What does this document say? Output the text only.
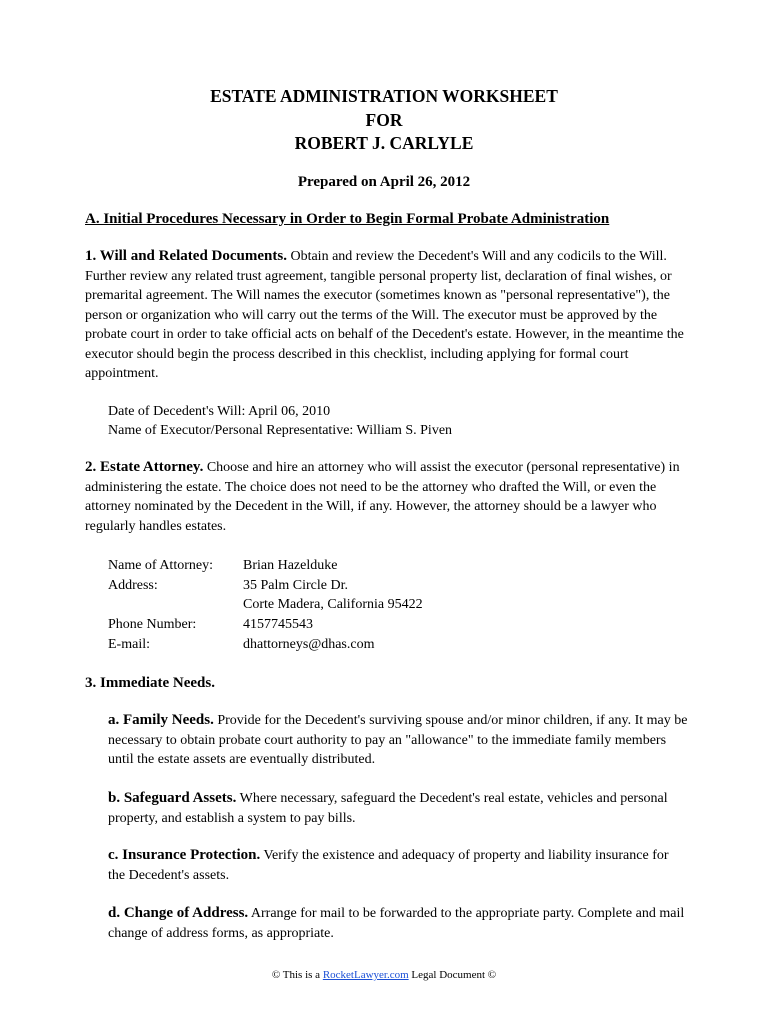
ESTATE ADMINISTRATION WORKSHEET
FOR
ROBERT J. CARLYLE
Prepared on April 26, 2012
A. Initial Procedures Necessary in Order to Begin Formal Probate Administration
1. Will and Related Documents. Obtain and review the Decedent's Will and any codicils to the Will. Further review any related trust agreement, tangible personal property list, declaration of final wishes, or premarital agreement. The Will names the executor (sometimes known as "personal representative"), the person or organization who will carry out the terms of the Will. The executor must be approved by the probate court in order to take official acts on behalf of the Decedent's estate. However, in the meantime the executor should begin the process described in this checklist, including applying for formal court appointment.
Date of Decedent's Will: April 06, 2010
Name of Executor/Personal Representative: William S. Piven
2. Estate Attorney. Choose and hire an attorney who will assist the executor (personal representative) in administering the estate. The choice does not need to be the attorney who drafted the Will, or even the attorney nominated by the Decedent in the Will, if any. However, the attorney should be a lawyer who regularly handles estates.
Name of Attorney: Brian Hazelduke
Address:	35 Palm Circle Dr.
Corte Madera, California 95422
Phone Number:	4157745543
E-mail:	dhattorneys@dhas.com
3. Immediate Needs.
a. Family Needs. Provide for the Decedent's surviving spouse and/or minor children, if any. It may be necessary to obtain probate court authority to pay an "allowance" to the immediate family members until the estate assets are eventually distributed.
b. Safeguard Assets. Where necessary, safeguard the Decedent's real estate, vehicles and personal property, and establish a system to pay bills.
c. Insurance Protection. Verify the existence and adequacy of property and liability insurance for the Decedent's assets.
d. Change of Address. Arrange for mail to be forwarded to the appropriate party. Complete and mail change of address forms, as appropriate.
© This is a RocketLawyer.com Legal Document ©
